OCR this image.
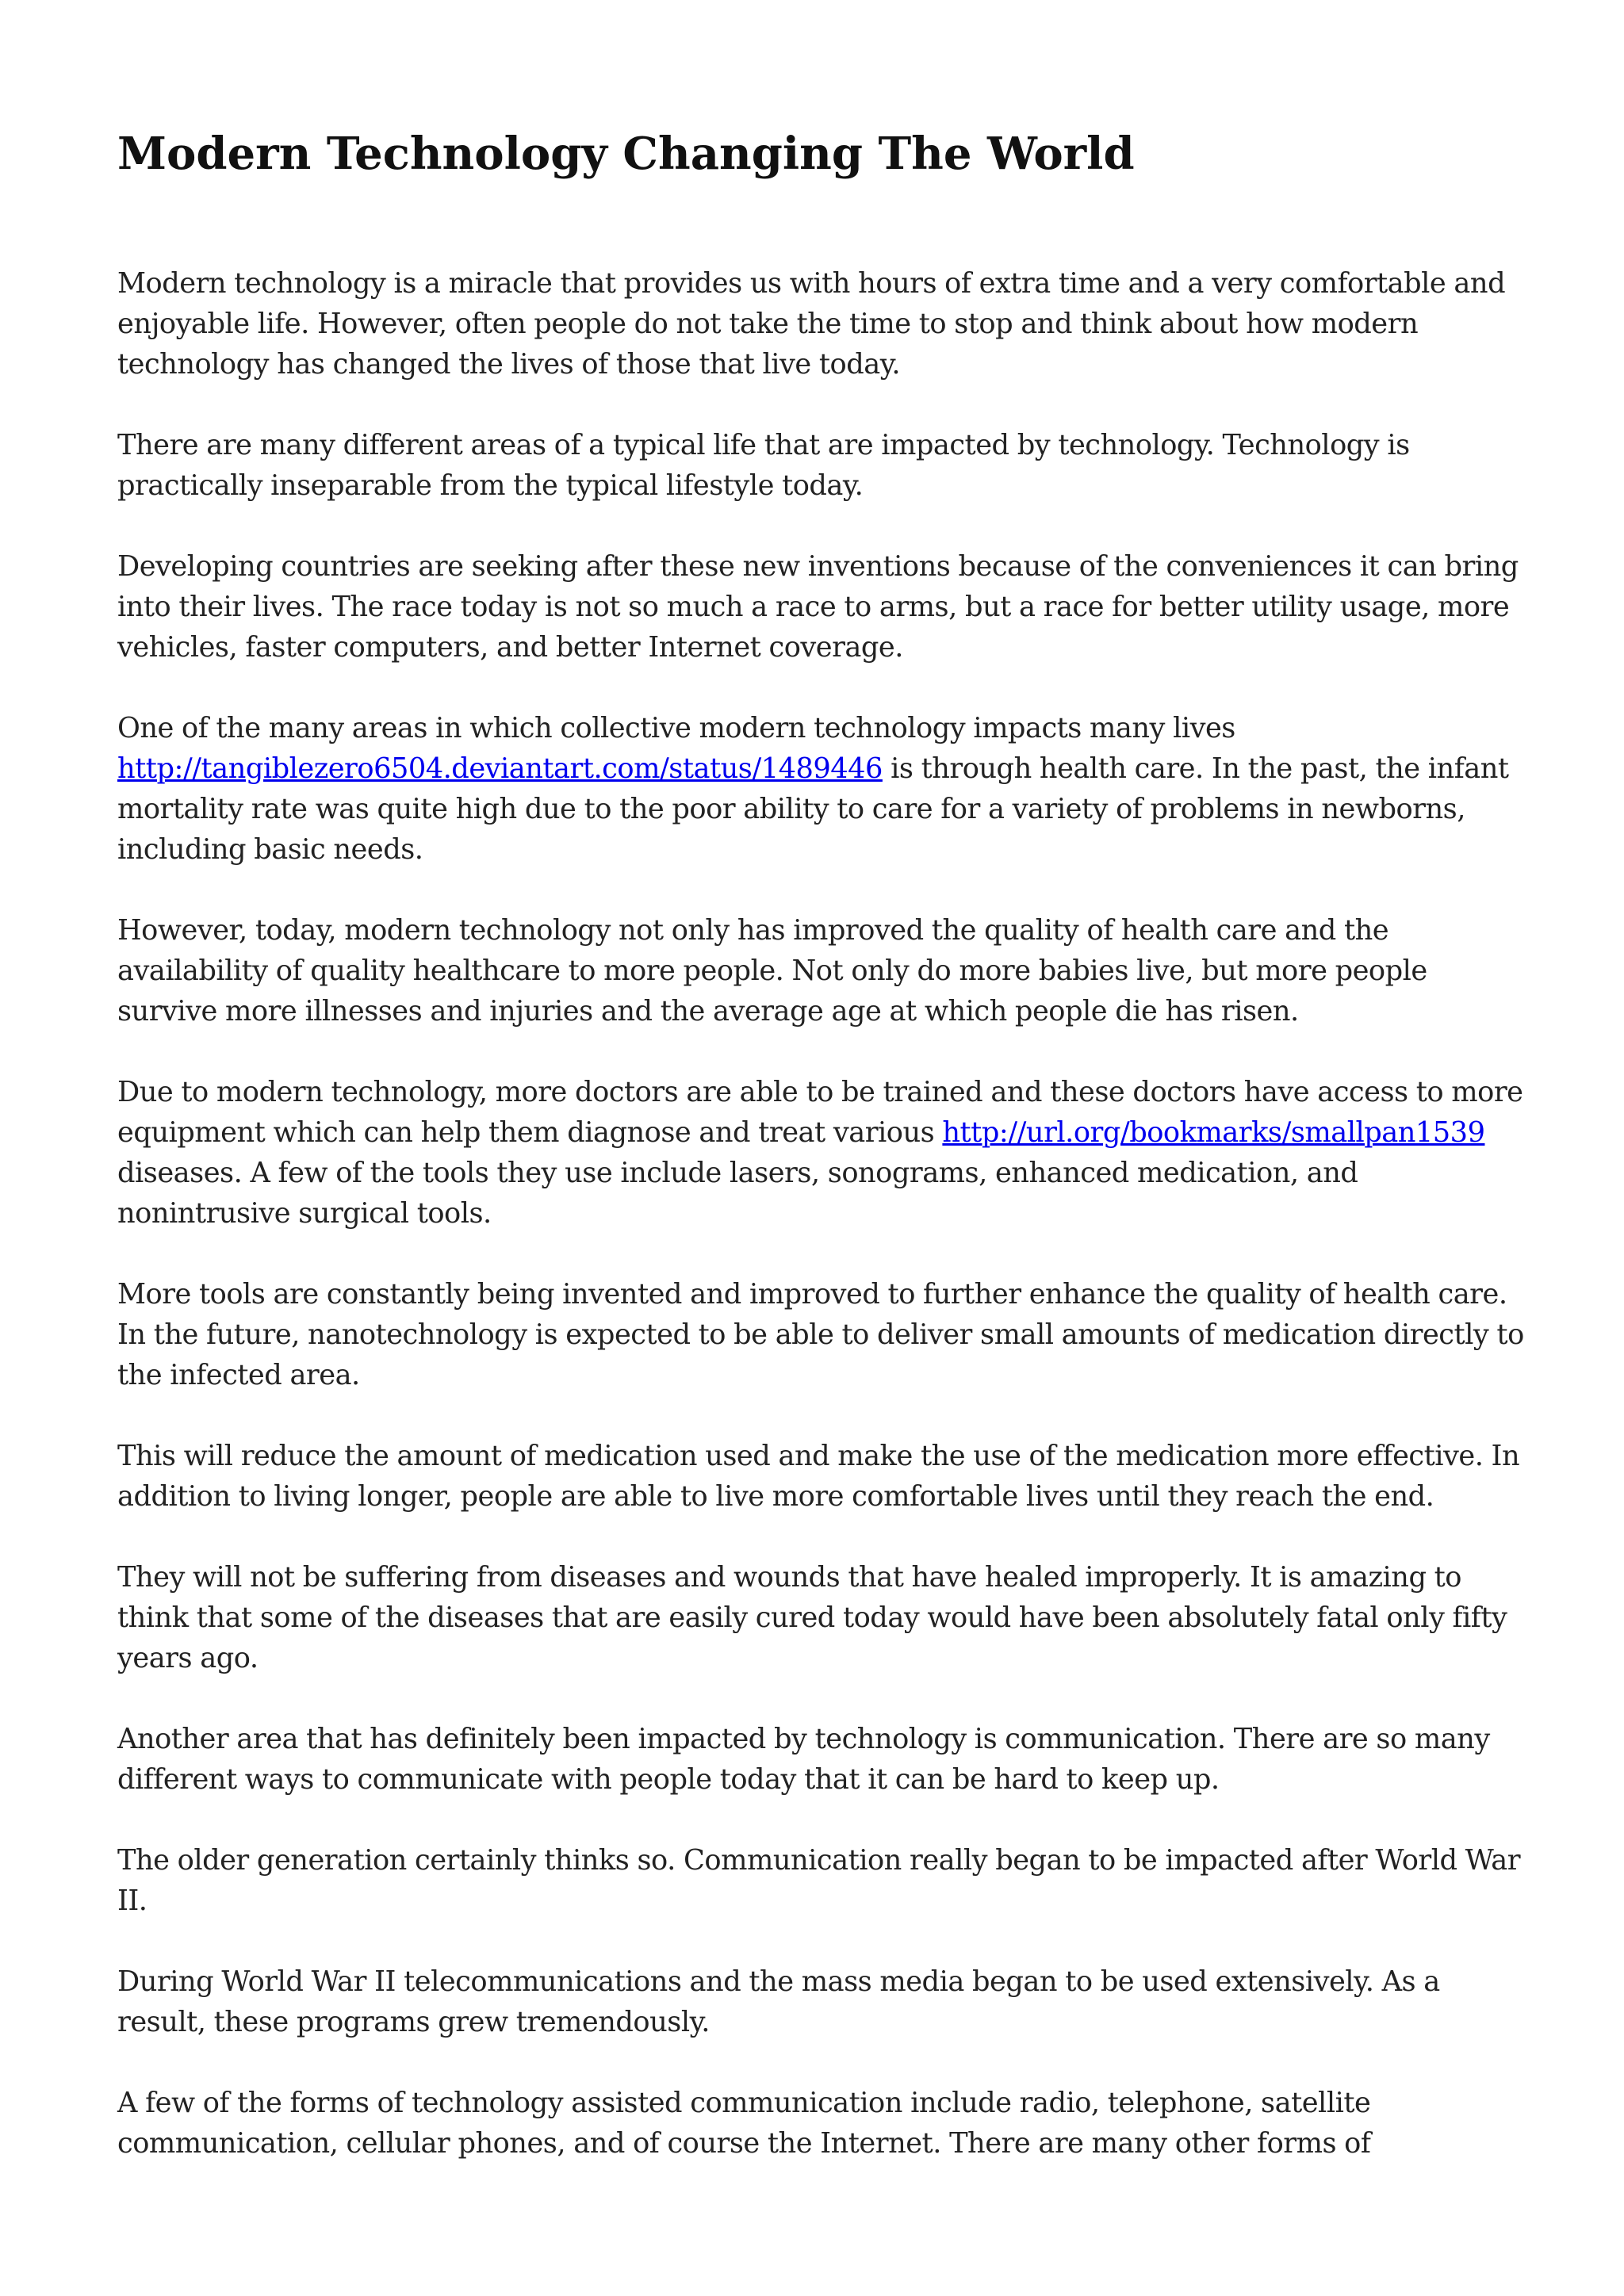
Modern Technology Changing The World

Modern technology is a miracle that provides us with hours of extra time and a very comfortable and enjoyable life. However, often people do not take the time to stop and think about how modern technology has changed the lives of those that live today.

There are many different areas of a typical life that are impacted by technology. Technology is practically inseparable from the typical lifestyle today.

Developing countries are seeking after these new inventions because of the conveniences it can bring into their lives. The race today is not so much a race to arms, but a race for better utility usage, more vehicles, faster computers, and better Internet coverage.

One of the many areas in which collective modern technology impacts many lives http://tangiblezero6504.deviantart.com/status/1489446 is through health care. In the past, the infant mortality rate was quite high due to the poor ability to care for a variety of problems in newborns, including basic needs.

However, today, modern technology not only has improved the quality of health care and the availability of quality healthcare to more people. Not only do more babies live, but more people survive more illnesses and injuries and the average age at which people die has risen.

Due to modern technology, more doctors are able to be trained and these doctors have access to more equipment which can help them diagnose and treat various http://url.org/bookmarks/smallpan1539 diseases. A few of the tools they use include lasers, sonograms, enhanced medication, and nonintrusive surgical tools.

More tools are constantly being invented and improved to further enhance the quality of health care. In the future, nanotechnology is expected to be able to deliver small amounts of medication directly to the infected area.

This will reduce the amount of medication used and make the use of the medication more effective. In addition to living longer, people are able to live more comfortable lives until they reach the end.

They will not be suffering from diseases and wounds that have healed improperly. It is amazing to think that some of the diseases that are easily cured today would have been absolutely fatal only fifty years ago.

Another area that has definitely been impacted by technology is communication. There are so many different ways to communicate with people today that it can be hard to keep up.

The older generation certainly thinks so. Communication really began to be impacted after World War II.

During World War II telecommunications and the mass media began to be used extensively. As a result, these programs grew tremendously.

A few of the forms of technology assisted communication include radio, telephone, satellite communication, cellular phones, and of course the Internet. There are many other forms of
